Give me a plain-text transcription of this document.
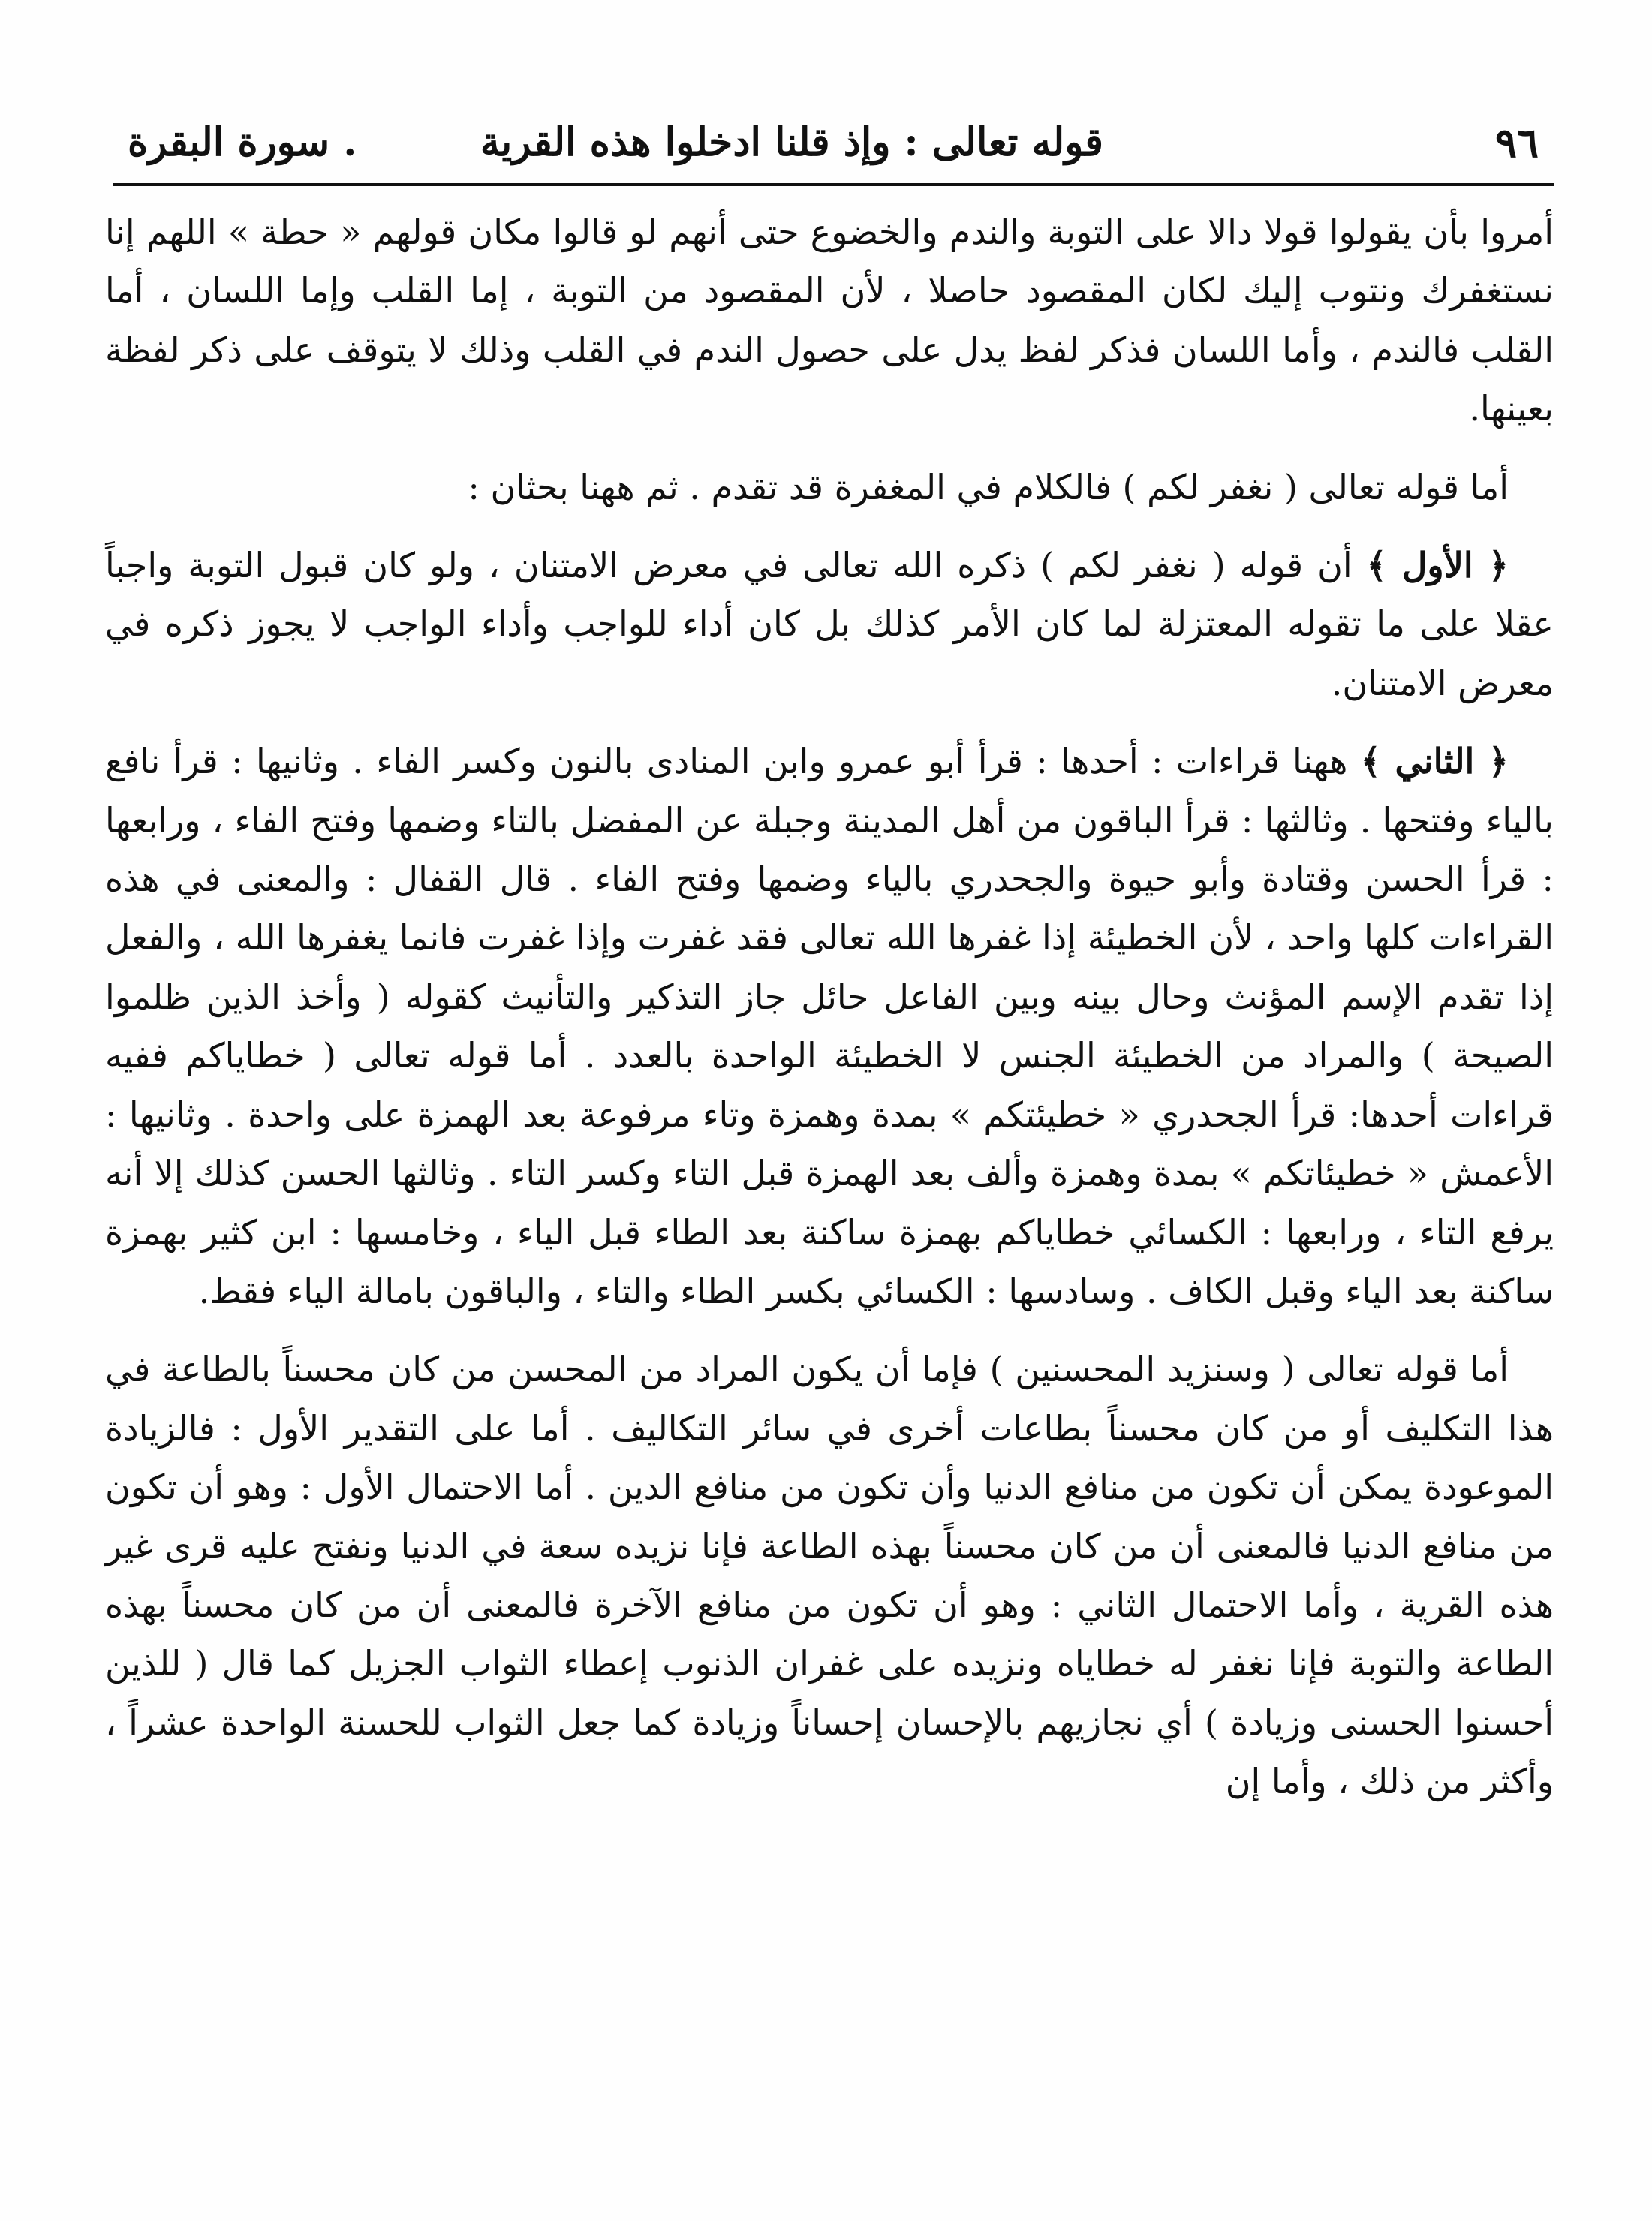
٩٦
قوله تعالى : وإذ قلنا ادخلوا هذه القرية
. سورة البقرة

أمروا بأن يقولوا قولا دالا على التوبة والندم والخضوع حتى أنهم لو قالوا مكان قولهم « حطة » اللهم إنا نستغفرك ونتوب إليك لكان المقصود حاصلا ، لأن المقصود من التوبة ، إما القلب وإما اللسان ، أما القلب فالندم ، وأما اللسان فذكر لفظ يدل على حصول الندم في القلب وذلك لا يتوقف على ذكر لفظة بعينها.

أما قوله تعالى ( نغفر لكم ) فالكلام في المغفرة قد تقدم . ثم ههنا بحثان :

﴿ الأول ﴾ أن قوله ( نغفر لكم ) ذكره الله تعالى في معرض الامتنان ، ولو كان قبول التوبة واجباً عقلا على ما تقوله المعتزلة لما كان الأمر كذلك بل كان أداء للواجب وأداء الواجب لا يجوز ذكره في معرض الامتنان.

﴿ الثاني ﴾ ههنا قراءات : أحدها : قرأ أبو عمرو وابن المنادى بالنون وكسر الفاء . وثانيها : قرأ نافع بالياء وفتحها . وثالثها : قرأ الباقون من أهل المدينة وجبلة عن المفضل بالتاء وضمها وفتح الفاء ، ورابعها : قرأ الحسن وقتادة وأبو حيوة والجحدري بالياء وضمها وفتح الفاء . قال القفال : والمعنى في هذه القراءات كلها واحد ، لأن الخطيئة إذا غفرها الله تعالى فقد غفرت وإذا غفرت فانما يغفرها الله ، والفعل إذا تقدم الإسم المؤنث وحال بينه وبين الفاعل حائل جاز التذكير والتأنيث كقوله ( وأخذ الذين ظلموا الصيحة ) والمراد من الخطيئة الجنس لا الخطيئة الواحدة بالعدد . أما قوله تعالى ( خطاياكم ففيه قراءات أحدها: قرأ الجحدري « خطيئتكم » بمدة وهمزة وتاء مرفوعة بعد الهمزة على واحدة . وثانيها : الأعمش « خطيئاتكم » بمدة وهمزة وألف بعد الهمزة قبل التاء وكسر التاء . وثالثها الحسن كذلك إلا أنه يرفع التاء ، ورابعها : الكسائي خطاياكم بهمزة ساكنة بعد الطاء قبل الياء ، وخامسها : ابن كثير بهمزة ساكنة بعد الياء وقبل الكاف . وسادسها : الكسائي بكسر الطاء والتاء ، والباقون بامالة الياء فقط.

أما قوله تعالى ( وسنزيد المحسنين ) فإما أن يكون المراد من المحسن من كان محسناً بالطاعة في هذا التكليف أو من كان محسناً بطاعات أخرى في سائر التكاليف . أما على التقدير الأول : فالزيادة الموعودة يمكن أن تكون من منافع الدنيا وأن تكون من منافع الدين . أما الاحتمال الأول : وهو أن تكون من منافع الدنيا فالمعنى أن من كان محسناً بهذه الطاعة فإنا نزيده سعة في الدنيا ونفتح عليه قرى غير هذه القرية ، وأما الاحتمال الثاني : وهو أن تكون من منافع الآخرة فالمعنى أن من كان محسناً بهذه الطاعة والتوبة فإنا نغفر له خطاياه ونزيده على غفران الذنوب إعطاء الثواب الجزيل كما قال ( للذين أحسنوا الحسنى وزيادة ) أي نجازيهم بالإحسان إحساناً وزيادة كما جعل الثواب للحسنة الواحدة عشراً ، وأكثر من ذلك ، وأما إن
